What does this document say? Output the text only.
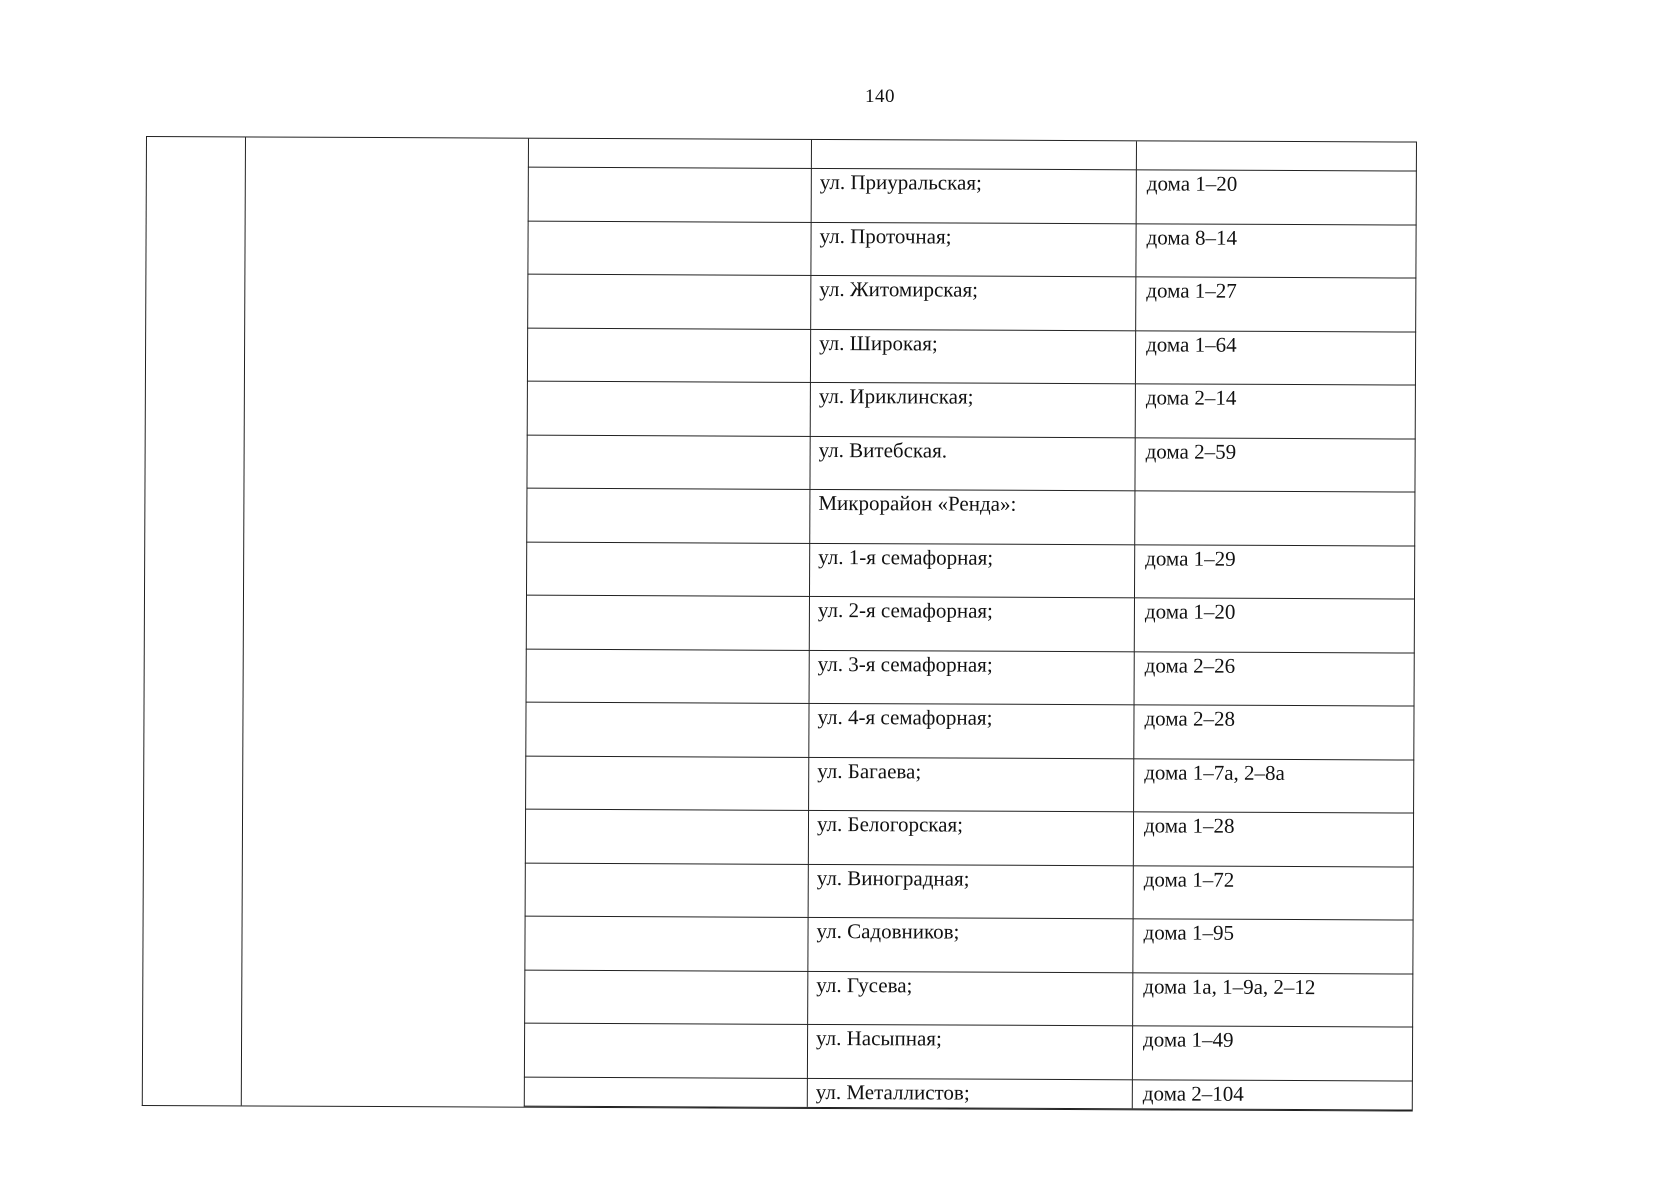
140
ул. Приуральская;	дома 1–20
ул. Проточная;	дома 8–14
ул. Житомирская;	дома 1–27
ул. Широкая;	дома 1–64
ул. Ириклинская;	дома 2–14
ул. Витебская.	дома 2–59
Микрорайон «Ренда»:
ул. 1-я семафорная;	дома 1–29
ул. 2-я семафорная;	дома 1–20
ул. 3-я семафорная;	дома 2–26
ул. 4-я семафорная;	дома 2–28
ул. Багаева;	дома 1–7а, 2–8а
ул. Белогорская;	дома 1–28
ул. Виноградная;	дома 1–72
ул. Садовников;	дома 1–95
ул. Гусева;	дома 1а, 1–9а, 2–12
ул. Насыпная;	дома 1–49
ул. Металлистов;	дома 2–104
